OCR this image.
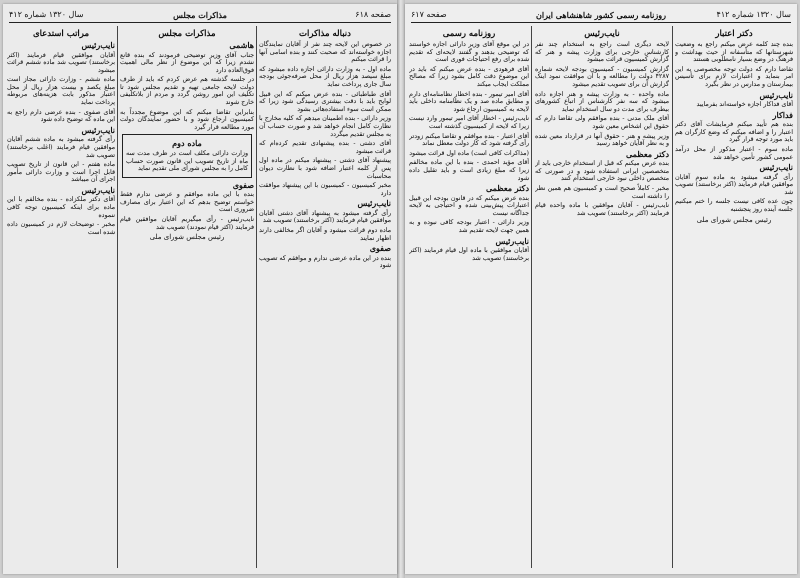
صفحه ۶۱۸
مذاکرات مجلس
سال ۱۳۲۰ شماره ۴۱۲
دنباله مذاکرات

در خصوص این لایحه چند نفر از آقایان نمایندگان اجازه خواسته‌اند که صحبت کنند و بنده اسامی آنها را قرائت میکنم

ماده اول - به وزارت دارائی اجازه داده میشود که مبلغ سیصد هزار ریال از محل صرفه‌جوئی بودجه سال جاری پرداخت نماید

آقای طباطبائی - بنده عرض میکنم که این قبیل لوایح باید با دقت بیشتری رسیدگی شود زیرا که ممکن است سوء استفاده‌هائی بشود

وزیر دارائی - بنده اطمینان میدهم که کلیه مخارج با نظارت کامل انجام خواهد شد و صورت حساب آن به مجلس تقدیم میگردد

آقای دشتی - بنده پیشنهادی تقدیم کرده‌ام که قرائت میشود

پیشنهاد آقای دشتی - پیشنهاد میکنم در ماده اول پس از کلمه اعتبار اضافه شود با نظارت دیوان محاسبات

مخبر کمیسیون - کمیسیون با این پیشنهاد موافقت دارد

نایب‌رئیس

رأی گرفته میشود به پیشنهاد آقای دشتی آقایان موافقین قیام فرمایند (اکثر برخاستند) تصویب شد

ماده دوم قرائت میشود و آقایان اگر مخالفی دارند اظهار نمایند

صفوی

بنده در این ماده عرضی ندارم و موافقم که تصویب شود

مذاکرات مجلس
هاشمی

جناب آقای وزیر توضیحی فرمودند که بنده قانع نشدم زیرا که این موضوع از نظر مالی اهمیت فوق‌العاده دارد

در جلسه گذشته هم عرض کردم که باید از طرف دولت لایحه جامعی تهیه و تقدیم مجلس شود تا تکلیف این امور روشن گردد و مردم از بلاتکلیفی خارج شوند

بنابراین تقاضا میکنم که این موضوع مجدداً به کمیسیون ارجاع شود و با حضور نمایندگان دولت مورد مطالعه قرار گیرد

ماده دوم

وزارت دارائی مکلف است در ظرف مدت سه ماه از تاریخ تصویب این قانون صورت حساب کامل را به مجلس شورای ملی تقدیم نماید

صفوی

بنده با این ماده موافقم و عرضی ندارم فقط خواستم توضیح بدهم که این اعتبار برای مصارف ضروری است

نایب‌رئیس - رأی میگیریم آقایان موافقین قیام فرمایند (اکثر قیام نمودند) تصویب شد

رئیس مجلس شورای ملی
مراتب استدعای
نایب‌رئیس

آقایان موافقین قیام فرمایند (اکثر برخاستند) تصویب شد ماده ششم قرائت میشود

ماده ششم - وزارت دارائی مجاز است مبلغ یکصد و بیست هزار ریال از محل اعتبار مذکور بابت هزینه‌های مربوطه پرداخت نماید

آقای صفوی - بنده عرضی دارم راجع به این ماده که توضیح داده شود

نایب‌رئیس

رأی گرفته میشود به ماده ششم آقایان موافقین قیام فرمایند (اغلب برخاستند) تصویب شد

ماده هفتم - این قانون از تاریخ تصویب قابل اجرا است و وزارت دارائی مأمور اجرای آن میباشد

نایب‌رئیس

آقای دکتر ملکزاده - بنده مخالفم با این ماده برای اینکه کمیسیون توجه کافی ننموده

مخبر - توضیحات لازم در کمیسیون داده شده است

سال ۱۳۲۰ شماره ۴۱۲
روزنامه رسمی کشور شاهنشاهی ایران
صفحه ۶۱۷
دکتر اعتبار

بنده چند کلمه عرض میکنم راجع به وضعیت شهرستانها که متأسفانه از حیث بهداشت و فرهنگ در وضع بسیار نامطلوبی هستند

تقاضا دارم که دولت توجه مخصوصی به این امر بنماید و اعتبارات لازم برای تأسیس بیمارستان و مدارس در نظر بگیرد

نایب‌رئیس

آقای فداکار اجازه خواسته‌اند بفرمایید

فداکار

بنده هم تأیید میکنم فرمایشات آقای دکتر اعتبار را و اضافه میکنم که وضع کارگران هم باید مورد توجه قرار گیرد

ماده سوم - اعتبار مذکور از محل درآمد عمومی کشور تأمین خواهد شد

نایب‌رئیس

رأی گرفته میشود به ماده سوم آقایان موافقین قیام فرمایند (اکثر برخاستند) تصویب شد

چون عده کافی نیست جلسه را ختم میکنیم جلسه آینده روز پنجشنبه

رئیس مجلس شورای ملی
نایب‌رئیس

لایحه دیگری است راجع به استخدام چند نفر کارشناس خارجی برای وزارت پیشه و هنر که گزارش کمیسیون قرائت میشود

گزارش کمیسیون - کمیسیون بودجه لایحه شماره ۴۲۸۷ دولت را مطالعه و با آن موافقت نمود اینک گزارش آن برای تصویب تقدیم میشود

ماده واحده - به وزارت پیشه و هنر اجازه داده میشود که سه نفر کارشناس از اتباع کشورهای بیطرف برای مدت دو سال استخدام نماید

آقای ملک مدنی - بنده موافقم ولی تقاضا دارم که حقوق این اشخاص معین شود

وزیر پیشه و هنر - حقوق آنها در قرارداد معین شده و به نظر آقایان خواهد رسید

دکتر معظمی

بنده عرض میکنم که قبل از استخدام خارجی باید از متخصصین ایرانی استفاده شود و در صورتی که متخصص داخلی نبود خارجی استخدام کنند

مخبر - کاملاً صحیح است و کمیسیون هم همین نظر را داشته است

نایب‌رئیس - آقایان موافقین با ماده واحده قیام فرمایند (اکثر برخاستند) تصویب شد

روزنامه رسمی

در این موقع آقای وزیر دارائی اجازه خواستند که توضیحی بدهند و گفتند لایحه‌ای که تقدیم شده برای رفع احتیاجات فوری است

آقای فرهودی - بنده عرض میکنم که باید در این موضوع دقت کامل بشود زیرا که مصالح مملکت ایجاب میکند

آقای امیر تیمور - بنده اخطار نظامنامه‌ای دارم و مطابق ماده صد و یک نظامنامه داخلی باید لایحه به کمیسیون ارجاع شود

نایب‌رئیس - اخطار آقای امیر تیمور وارد نیست زیرا که لایحه از کمیسیون گذشته است

آقای اعتبار - بنده موافقم و تقاضا میکنم زودتر رأی گرفته شود که کار دولت معطل نماند

(مذاکرات کافی است) ماده اول قرائت میشود

آقای مؤید احمدی - بنده با این ماده مخالفم زیرا که مبلغ زیادی است و باید تقلیل داده شود

دکتر معظمی

بنده عرض میکنم که در قانون بودجه این قبیل اعتبارات پیش‌بینی شده و احتیاجی به لایحه جداگانه نیست

وزیر دارائی - اعتبار بودجه کافی نبوده و به همین جهت لایحه تقدیم شد

نایب‌رئیس

آقایان موافقین با ماده اول قیام فرمایند (اکثر برخاستند) تصویب شد
